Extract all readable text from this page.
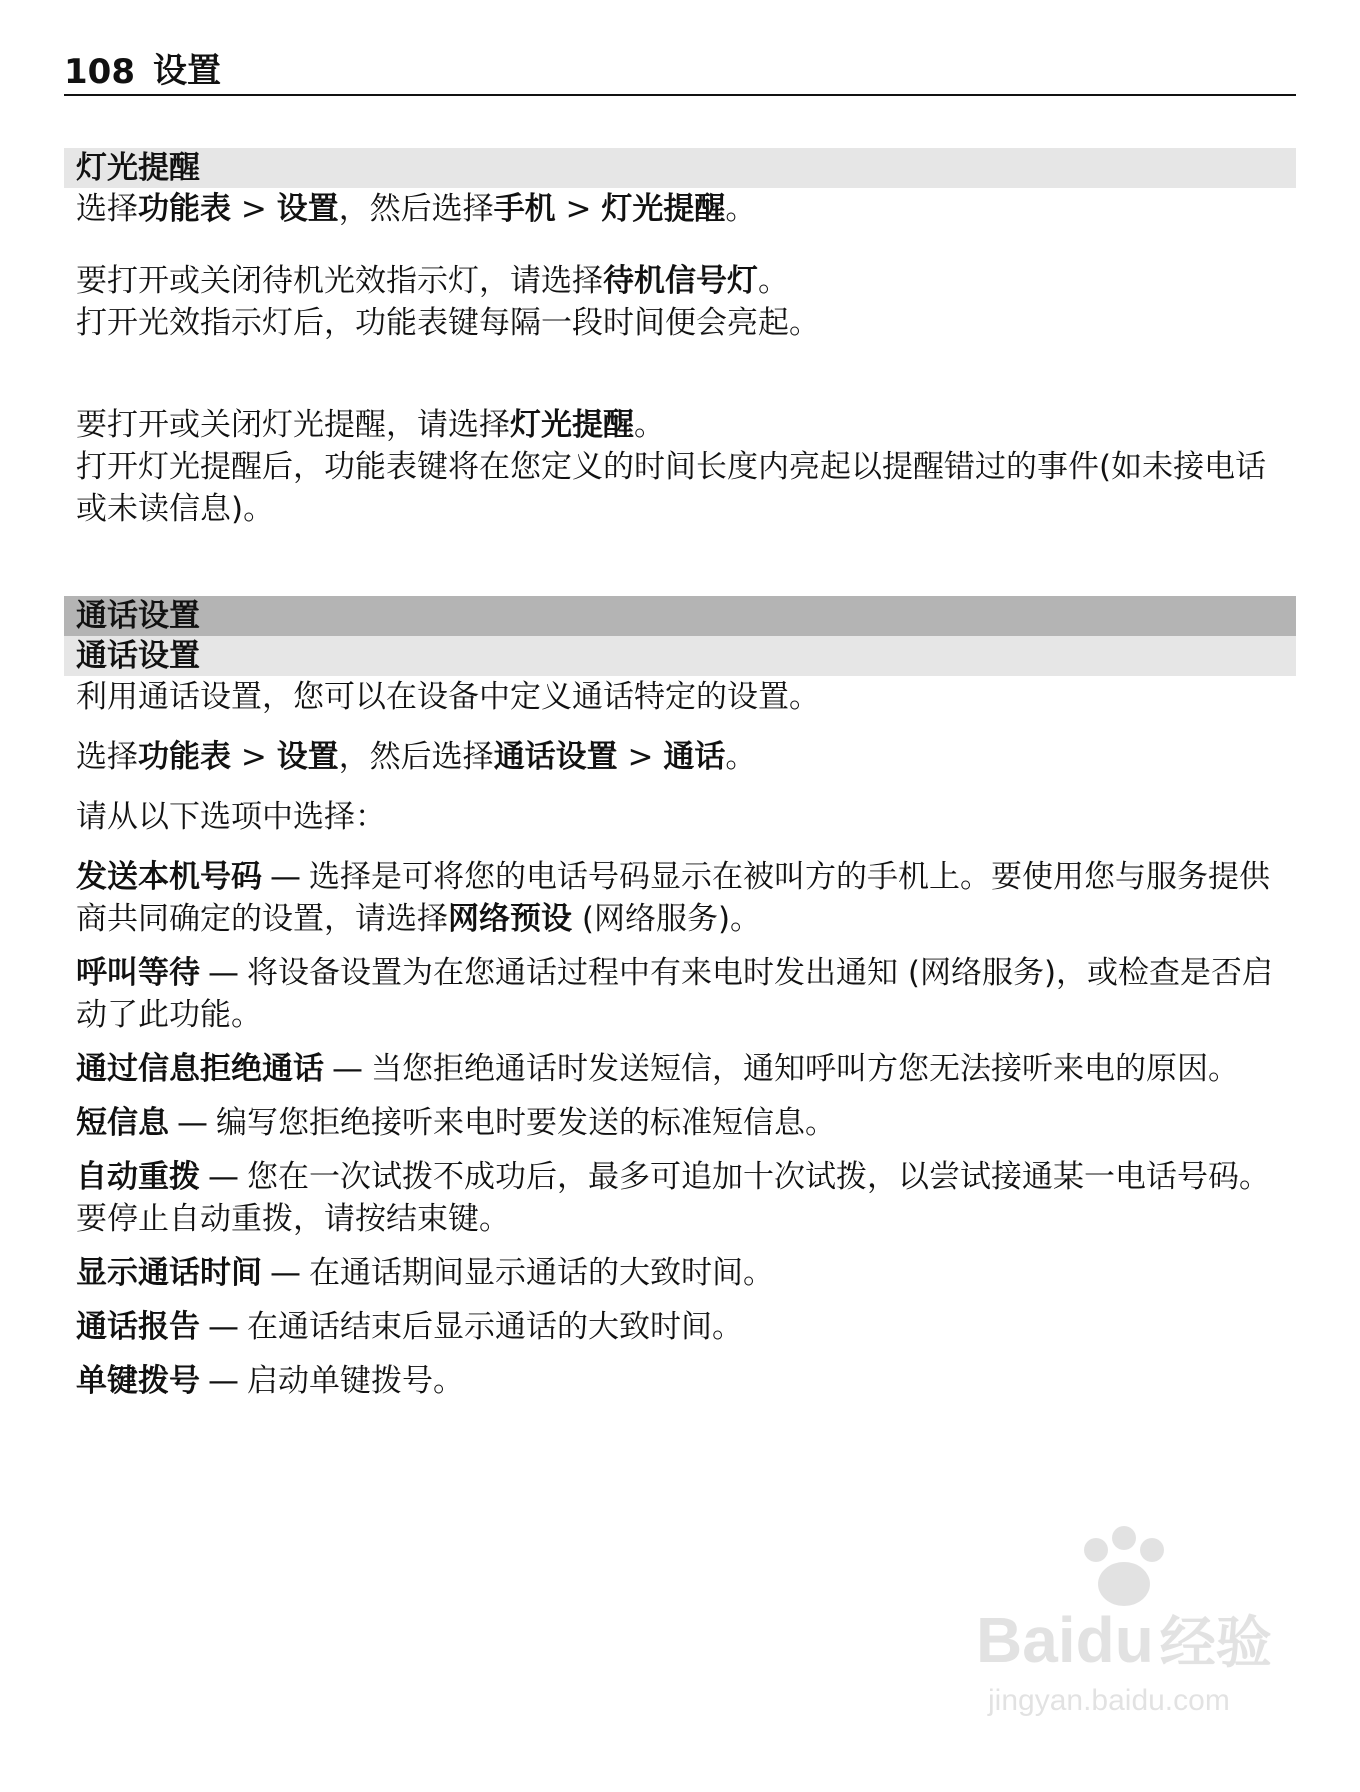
108 设置
灯光提醒

选择功能表 > 设置，然后选择手机 > 灯光提醒。

要打开或关闭待机光效指示灯，请选择待机信号灯。

打开光效指示灯后，功能表键每隔一段时间便会亮起。

要打开或关闭灯光提醒，请选择灯光提醒。

打开灯光提醒后，功能表键将在您定义的时间长度内亮起以提醒错过的事件(如未接电话或未读信息)。

通话设置
通话设置

利用通话设置，您可以在设备中定义通话特定的设置。

选择功能表 > 设置，然后选择通话设置 > 通话。

请从以下选项中选择：

发送本机号码 — 选择是可将您的电话号码显示在被叫方的手机上。要使用您与服务提供商共同确定的设置，请选择网络预设 (网络服务)。

呼叫等待 — 将设备设置为在您通话过程中有来电时发出通知 (网络服务)，或检查是否启动了此功能。

通过信息拒绝通话 — 当您拒绝通话时发送短信，通知呼叫方您无法接听来电的原因。

短信息 — 编写您拒绝接听来电时要发送的标准短信息。

自动重拨 — 您在一次试拨不成功后，最多可追加十次试拨，以尝试接通某一电话号码。要停止自动重拨，请按结束键。

显示通话时间 — 在通话期间显示通话的大致时间。

通话报告 — 在通话结束后显示通话的大致时间。

单键拨号 — 启动单键拨号。

Baidu 经验
jingyan.baidu.com
